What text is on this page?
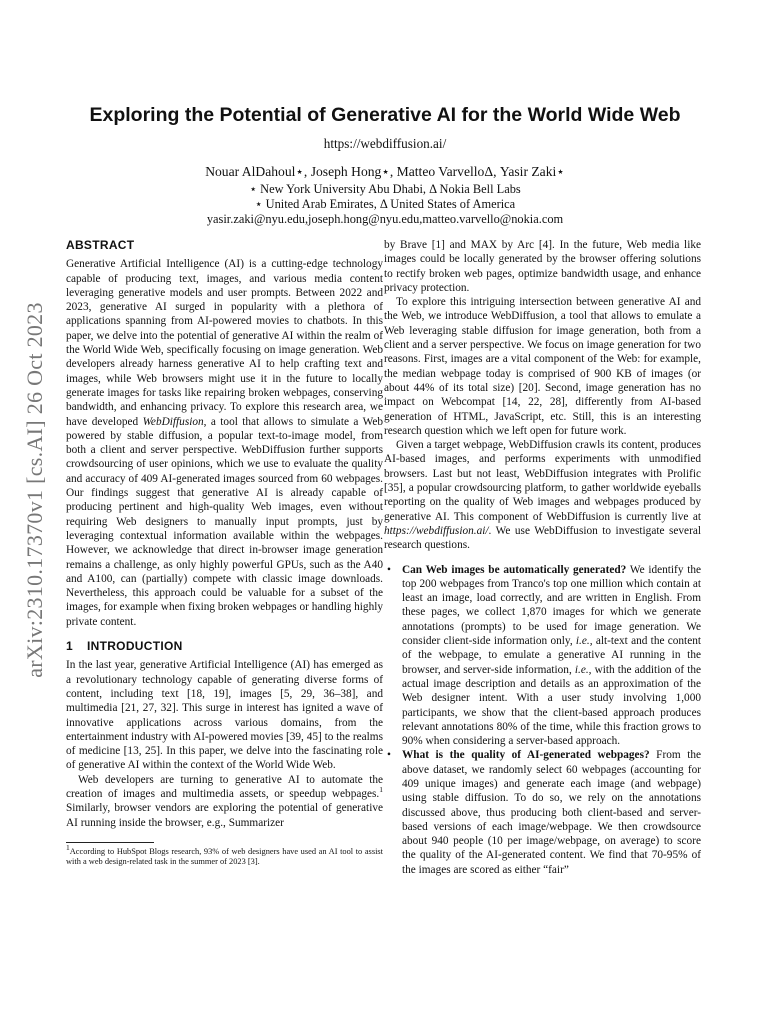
arXiv:2310.17370v1 [cs.AI] 26 Oct 2023
Exploring the Potential of Generative AI for the World Wide Web

https://webdiffusion.ai/

Nouar AlDahoul⋆, Joseph Hong⋆, Matteo VarvelloΔ, Yasir Zaki⋆

⋆ New York University Abu Dhabi, Δ Nokia Bell Labs

⋆ United Arab Emirates, Δ United States of America

yasir.zaki@nyu.edu,joseph.hong@nyu.edu,matteo.varvello@nokia.com

ABSTRACT

Generative Artificial Intelligence (AI) is a cutting-edge technology capable of producing text, images, and various media content leveraging generative models and user prompts. Between 2022 and 2023, generative AI surged in popularity with a plethora of applications spanning from AI-powered movies to chatbots. In this paper, we delve into the potential of generative AI within the realm of the World Wide Web, specifically focusing on image generation. Web developers already harness generative AI to help crafting text and images, while Web browsers might use it in the future to locally generate images for tasks like repairing broken webpages, conserving bandwidth, and enhancing privacy. To explore this research area, we have developed WebDiffusion, a tool that allows to simulate a Web powered by stable diffusion, a popular text-to-image model, from both a client and server perspective. WebDiffusion further supports crowdsourcing of user opinions, which we use to evaluate the quality and accuracy of 409 AI-generated images sourced from 60 webpages. Our findings suggest that generative AI is already capable of producing pertinent and high-quality Web images, even without requiring Web designers to manually input prompts, just by leveraging contextual information available within the webpages. However, we acknowledge that direct in-browser image generation remains a challenge, as only highly powerful GPUs, such as the A40 and A100, can (partially) compete with classic image downloads. Nevertheless, this approach could be valuable for a subset of the images, for example when fixing broken webpages or handling highly private content.

1 INTRODUCTION

In the last year, generative Artificial Intelligence (AI) has emerged as a revolutionary technology capable of generating diverse forms of content, including text [18, 19], images [5, 29, 36–38], and multimedia [21, 27, 32]. This surge in interest has ignited a wave of innovative applications across various domains, from the entertainment industry with AI-powered movies [39, 45] to the realms of medicine [13, 25]. In this paper, we delve into the fascinating role of generative AI within the context of the World Wide Web.

Web developers are turning to generative AI to automate the creation of images and multimedia assets, or speedup webpages.$^1$ Similarly, browser vendors are exploring the potential of generative AI running inside the browser, e.g., Summarizer

$^1$According to HubSpot Blogs research, 93% of web designers have used an AI tool to assist with a web design-related task in the summer of 2023 [3].

by Brave [1] and MAX by Arc [4]. In the future, Web media like images could be locally generated by the browser offering solutions to rectify broken web pages, optimize bandwidth usage, and enhance privacy protection.

To explore this intriguing intersection between generative AI and the Web, we introduce WebDiffusion, a tool that allows to emulate a Web leveraging stable diffusion for image generation, both from a client and a server perspective. We focus on image generation for two reasons. First, images are a vital component of the Web: for example, the median webpage today is comprised of 900 KB of images (or about 44% of its total size) [20]. Second, image generation has no impact on Webcompat [14, 22, 28], differently from AI-based generation of HTML, JavaScript, etc. Still, this is an interesting research question which we left open for future work.

Given a target webpage, WebDiffusion crawls its content, produces AI-based images, and performs experiments with unmodified browsers. Last but not least, WebDiffusion integrates with Prolific [35], a popular crowdsourcing platform, to gather worldwide eyeballs reporting on the quality of Web images and webpages produced by generative AI. This component of WebDiffusion is currently live at https://webdiffusion.ai/. We use WebDiffusion to investigate several research questions.

• Can Web images be automatically generated? We identify the top 200 webpages from Tranco's top one million which contain at least an image, load correctly, and are written in English. From these pages, we collect 1,870 images for which we generate annotations (prompts) to be used for image generation. We consider client-side information only, i.e., alt-text and the content of the webpage, to emulate a generative AI running in the browser, and server-side information, i.e., with the addition of the actual image description and details as an approximation of the Web designer intent. With a user study involving 1,000 participants, we show that the client-based approach produces relevant annotations 80% of the time, while this fraction grows to 90% when considering a server-based approach.
• What is the quality of AI-generated webpages? From the above dataset, we randomly select 60 webpages (accounting for 409 unique images) and generate each image (and webpage) using stable diffusion. To do so, we rely on the annotations discussed above, thus producing both client-based and server-based versions of each image/webpage. We then crowdsource about 940 people (10 per image/webpage, on average) to score the quality of the AI-generated content. We find that 70-95% of the images are scored as either “fair”
